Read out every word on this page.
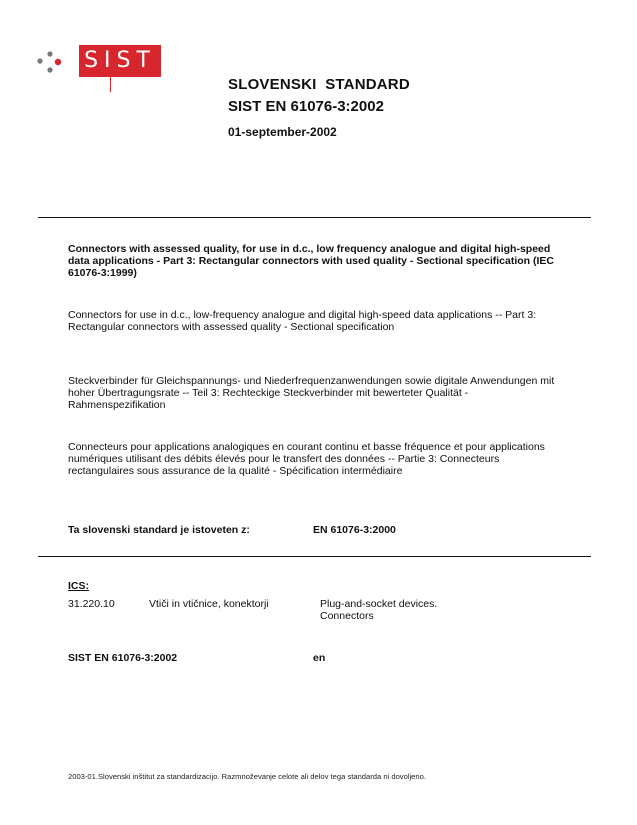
SIST
SLOVENSKI  STANDARD
SIST EN 61076-3:2002
01-september-2002
Connectors with assessed quality, for use in d.c., low frequency analogue and digital high-speed data applications - Part 3: Rectangular connectors with used quality - Sectional specification (IEC 61076-3:1999)
Connectors for use in d.c., low-frequency analogue and digital high-speed data applications -- Part 3: Rectangular connectors with assessed quality - Sectional specification
Steckverbinder für Gleichspannungs- und Niederfrequenzanwendungen sowie digitale Anwendungen mit hoher Übertragungsrate -- Teil 3: Rechteckige Steckverbinder mit bewerteter Qualität - Rahmenspezifikation
Connecteurs pour applications analogiques en courant continu et basse fréquence et pour applications numériques utilisant des débits élevés pour le transfert des données -- Partie 3: Connecteurs rectangulaires sous assurance de la qualité - Spécification intermédiaire
Ta slovenski standard je istoveten z:	EN 61076-3:2000
ICS:
31.220.10	Vtiči in vtičnice, konektorji	Plug-and-socket devices. Connectors
SIST EN 61076-3:2002	en
2003-01.Slovenski inštitut za standardizacijo. Razmnoževanje celote ali delov tega standarda ni dovoljeno.
